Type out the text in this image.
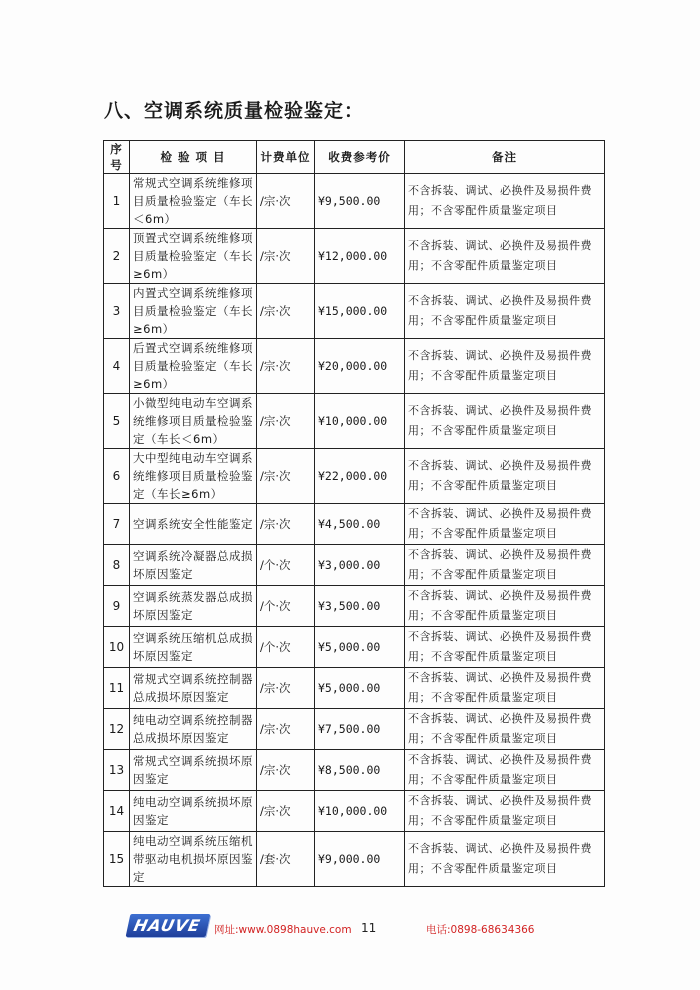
八、空调系统质量检验鉴定：
序号	检 验 项 目	计费单位	收费参考价	备注
1	常规式空调系统维修项目质量检验鉴定（车长＜6m）	/宗·次	¥9,500.00	不含拆装、调试、必换件及易损件费用；不含零配件质量鉴定项目
2	顶置式空调系统维修项目质量检验鉴定（车长≥6m）	/宗·次	¥12,000.00	不含拆装、调试、必换件及易损件费用；不含零配件质量鉴定项目
3	内置式空调系统维修项目质量检验鉴定（车长≥6m）	/宗·次	¥15,000.00	不含拆装、调试、必换件及易损件费用；不含零配件质量鉴定项目
4	后置式空调系统维修项目质量检验鉴定（车长≥6m）	/宗·次	¥20,000.00	不含拆装、调试、必换件及易损件费用；不含零配件质量鉴定项目
5	小微型纯电动车空调系统维修项目质量检验鉴定（车长＜6m）	/宗·次	¥10,000.00	不含拆装、调试、必换件及易损件费用；不含零配件质量鉴定项目
6	大中型纯电动车空调系统维修项目质量检验鉴定（车长≥6m）	/宗·次	¥22,000.00	不含拆装、调试、必换件及易损件费用；不含零配件质量鉴定项目
7	空调系统安全性能鉴定	/宗·次	¥4,500.00	不含拆装、调试、必换件及易损件费用；不含零配件质量鉴定项目
8	空调系统冷凝器总成损坏原因鉴定	/个·次	¥3,000.00	不含拆装、调试、必换件及易损件费用；不含零配件质量鉴定项目
9	空调系统蒸发器总成损坏原因鉴定	/个·次	¥3,500.00	不含拆装、调试、必换件及易损件费用；不含零配件质量鉴定项目
10	空调系统压缩机总成损坏原因鉴定	/个·次	¥5,000.00	不含拆装、调试、必换件及易损件费用；不含零配件质量鉴定项目
11	常规式空调系统控制器总成损坏原因鉴定	/宗·次	¥5,000.00	不含拆装、调试、必换件及易损件费用；不含零配件质量鉴定项目
12	纯电动空调系统控制器总成损坏原因鉴定	/宗·次	¥7,500.00	不含拆装、调试、必换件及易损件费用；不含零配件质量鉴定项目
13	常规式空调系统损坏原因鉴定	/宗·次	¥8,500.00	不含拆装、调试、必换件及易损件费用；不含零配件质量鉴定项目
14	纯电动空调系统损坏原因鉴定	/宗·次	¥10,000.00	不含拆装、调试、必换件及易损件费用；不含零配件质量鉴定项目
15	纯电动空调系统压缩机带驱动电机损坏原因鉴定	/套·次	¥9,000.00	不含拆装、调试、必换件及易损件费用；不含零配件质量鉴定项目
HAUVE	网址:www.0898hauve.com 11	电话:0898-68634366
